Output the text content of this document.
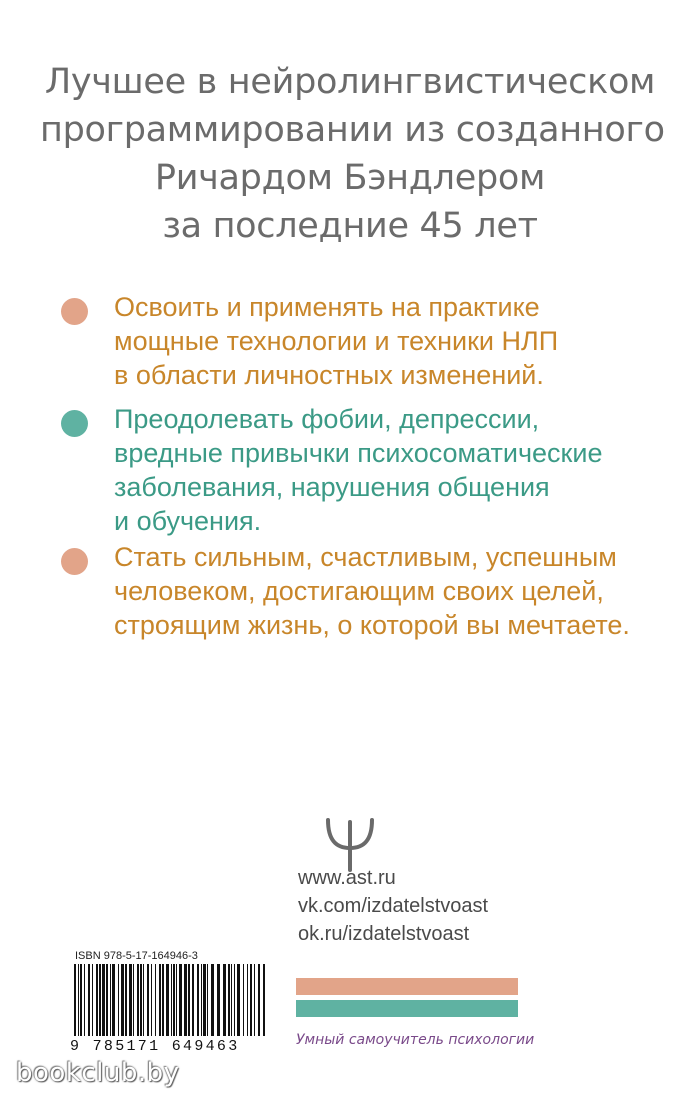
Лучшее в нейролингвистическом
программировании из созданного
Ричардом Бэндлером
за последние 45 лет
Освоить и применять на практике
мощные технологии и техники НЛП
в области личностных изменений.
Преодолевать фобии, депрессии,
вредные привычки психосоматические
заболевания, нарушения общения
и обучения.
Стать сильным, счастливым, успешным
человеком, достигающим своих целей,
строящим жизнь, о которой вы мечтаете.
www.ast.ru
vk.com/izdatelstvoast
ok.ru/izdatelstvoast
ISBN 978-5-17-164946-3
9 785171 649463	Умный самоучитель психологии
bookclub.by
